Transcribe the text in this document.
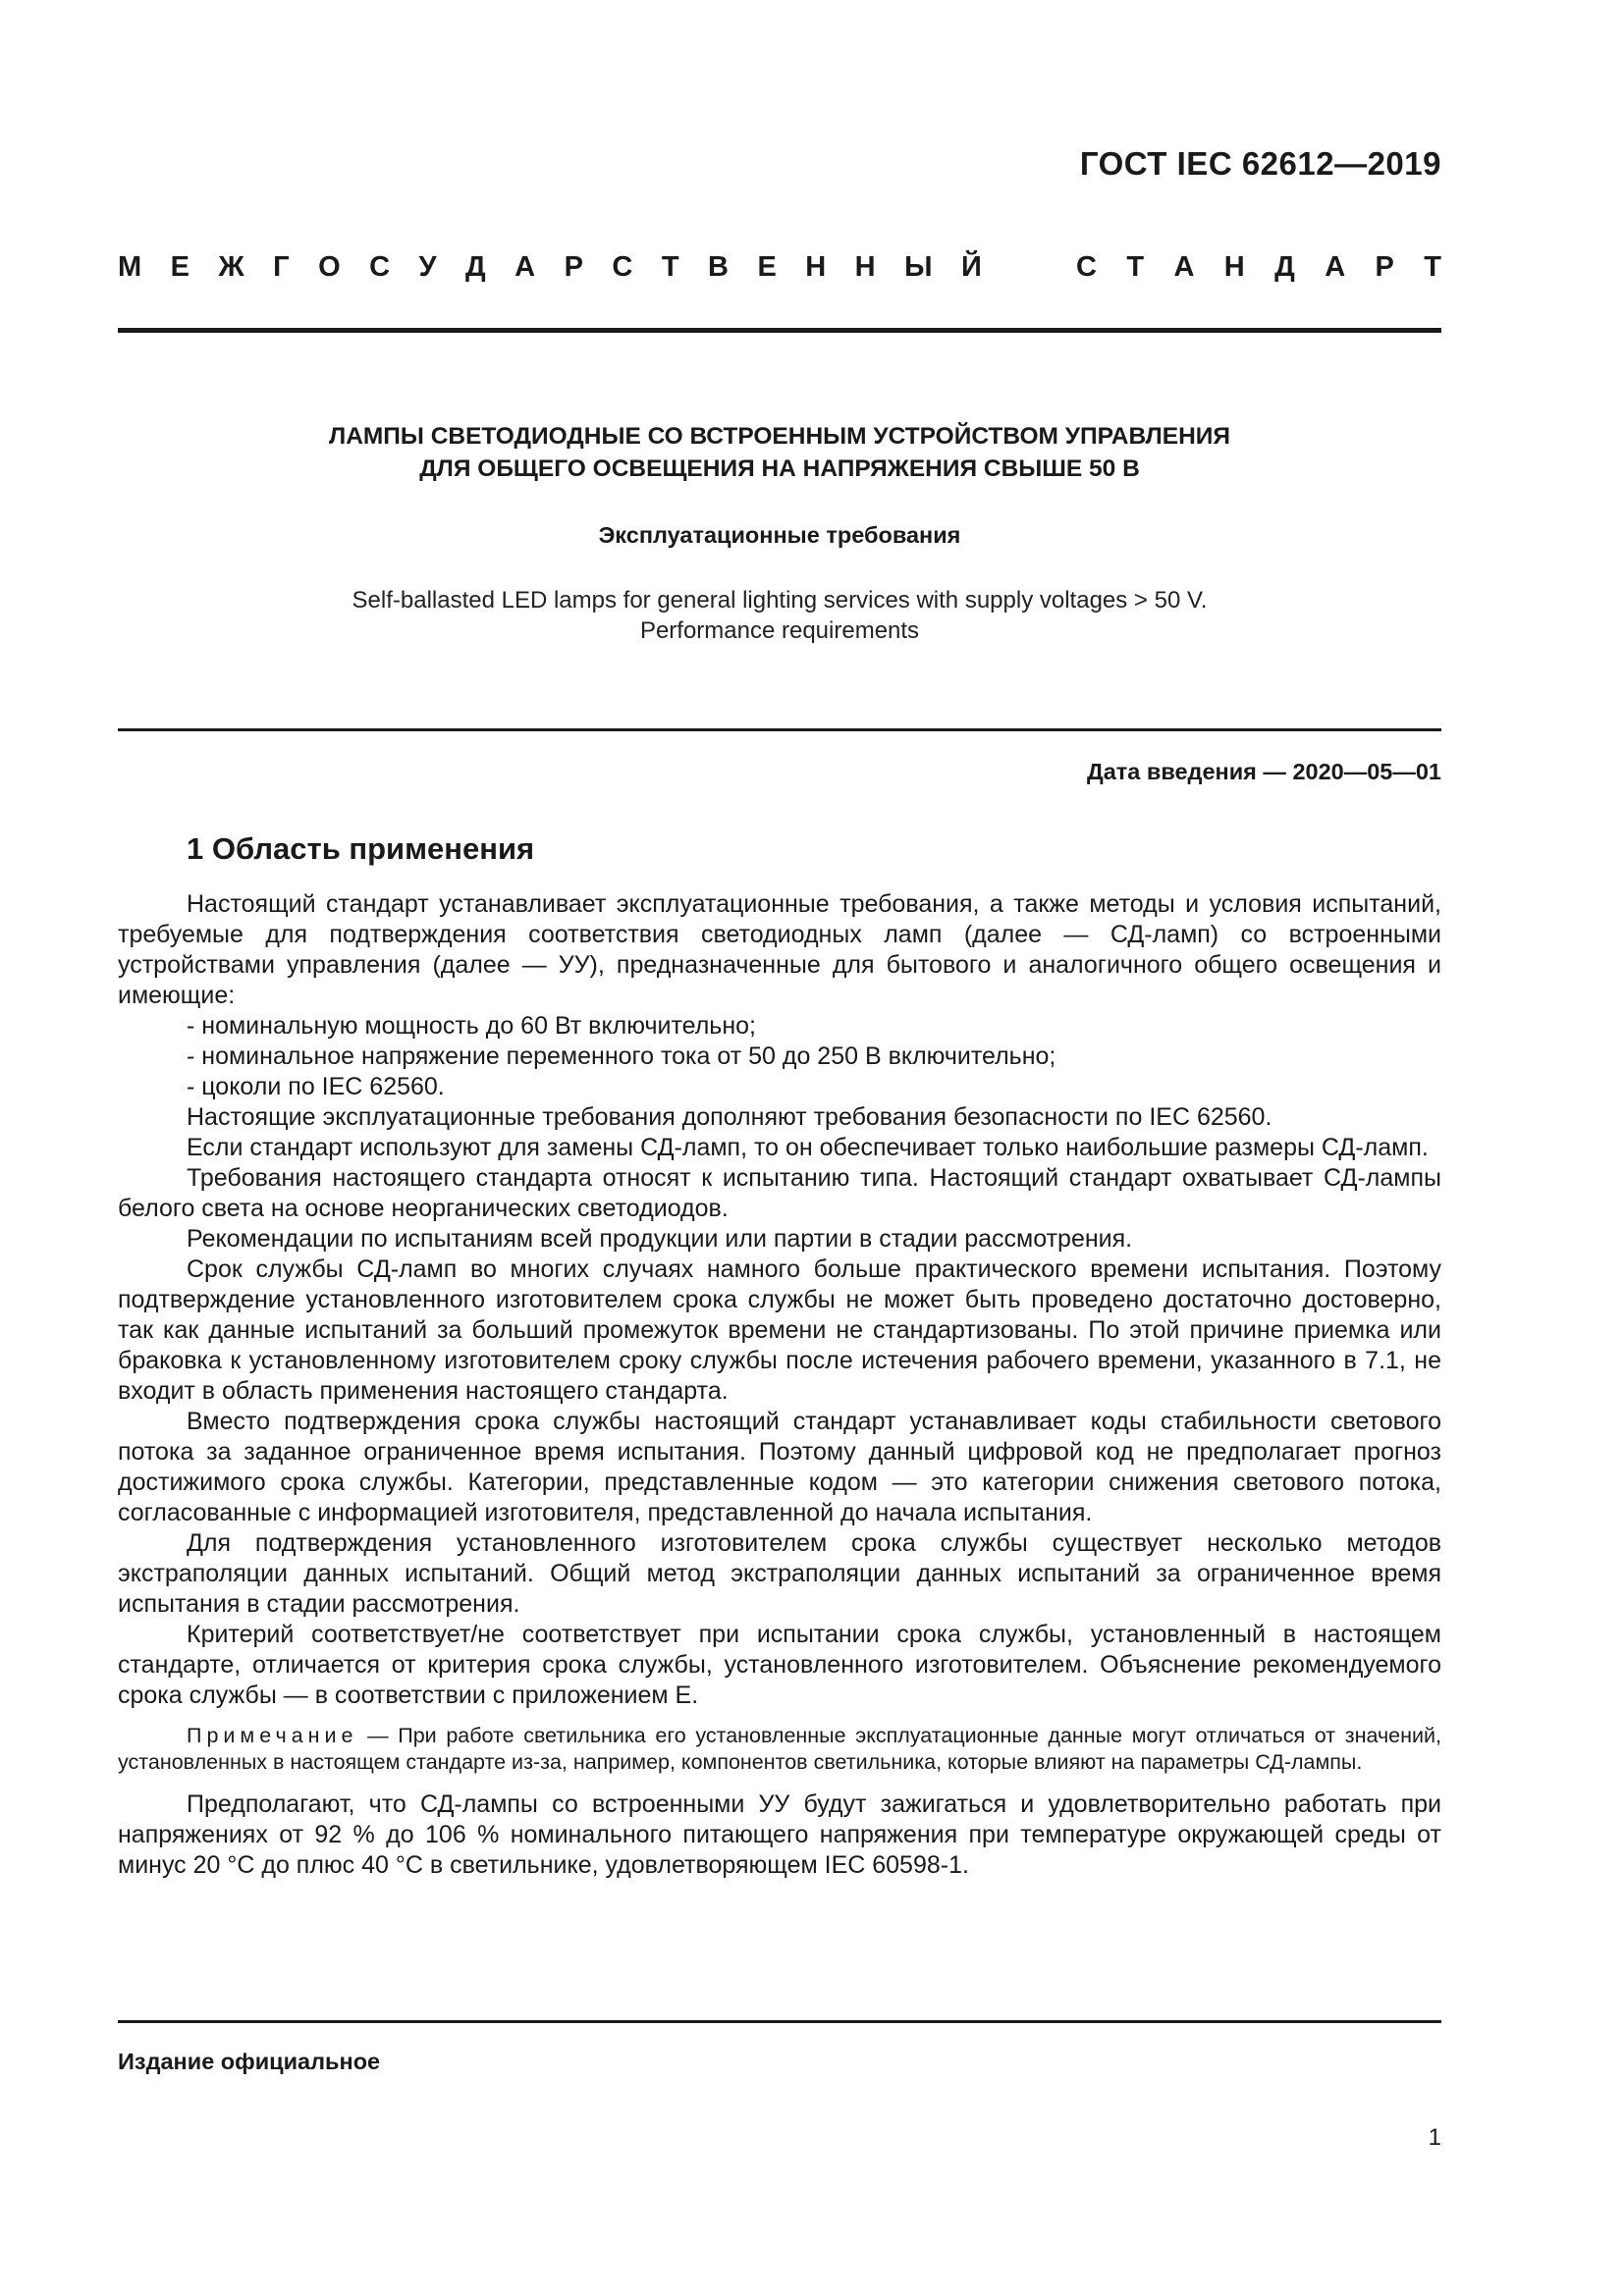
ГОСТ IEC 62612—2019
М Е Ж Г О С У Д А Р С Т В Е Н Н Ы Й	С Т А Н Д А Р Т
ЛАМПЫ СВЕТОДИОДНЫЕ СО ВСТРОЕННЫМ УСТРОЙСТВОМ УПРАВЛЕНИЯ
ДЛЯ ОБЩЕГО ОСВЕЩЕНИЯ НА НАПРЯЖЕНИЯ СВЫШЕ 50 В
Эксплуатационные требования
Self-ballasted LED lamps for general lighting services with supply voltages > 50 V.
Performance requirements
Дата введения — 2020—05—01
1 Область применения

Настоящий стандарт устанавливает эксплуатационные требования, а также методы и условия испытаний, требуемые для подтверждения соответствия светодиодных ламп (далее — СД-ламп) со встроенными устройствами управления (далее — УУ), предназначенные для бытового и аналогичного общего освещения и имеющие:

- номинальную мощность до 60 Вт включительно;

- номинальное напряжение переменного тока от 50 до 250 В включительно;

- цоколи по IEC 62560.

Настоящие эксплуатационные требования дополняют требования безопасности по IEC 62560.

Если стандарт используют для замены СД-ламп, то он обеспечивает только наибольшие размеры СД-ламп.

Требования настоящего стандарта относят к испытанию типа. Настоящий стандарт охватывает СД-лампы белого света на основе неорганических светодиодов.

Рекомендации по испытаниям всей продукции или партии в стадии рассмотрения.

Срок службы СД-ламп во многих случаях намного больше практического времени испытания. Поэтому подтверждение установленного изготовителем срока службы не может быть проведено достаточно достоверно, так как данные испытаний за больший промежуток времени не стандартизованы. По этой причине приемка или браковка к установленному изготовителем сроку службы после истечения рабочего времени, указанного в 7.1, не входит в область применения настоящего стандарта.

Вместо подтверждения срока службы настоящий стандарт устанавливает коды стабильности светового потока за заданное ограниченное время испытания. Поэтому данный цифровой код не предполагает прогноз достижимого срока службы. Категории, представленные кодом — это категории снижения светового потока, согласованные с информацией изготовителя, представленной до начала испытания.

Для подтверждения установленного изготовителем срока службы существует несколько методов экстраполяции данных испытаний. Общий метод экстраполяции данных испытаний за ограниченное время испытания в стадии рассмотрения.

Критерий соответствует/не соответствует при испытании срока службы, установленный в настоящем стандарте, отличается от критерия срока службы, установленного изготовителем. Объяснение рекомендуемого срока службы — в соответствии с приложением Е.

Примечание — При работе светильника его установленные эксплуатационные данные могут отличаться от значений, установленных в настоящем стандарте из-за, например, компонентов светильника, которые влияют на параметры СД-лампы.

Предполагают, что СД-лампы со встроенными УУ будут зажигаться и удовлетворительно работать при напряжениях от 92 % до 106 % номинального питающего напряжения при температуре окружающей среды от минус 20 °С до плюс 40 °С в светильнике, удовлетворяющем IEC 60598-1.

Издание официальное
1
